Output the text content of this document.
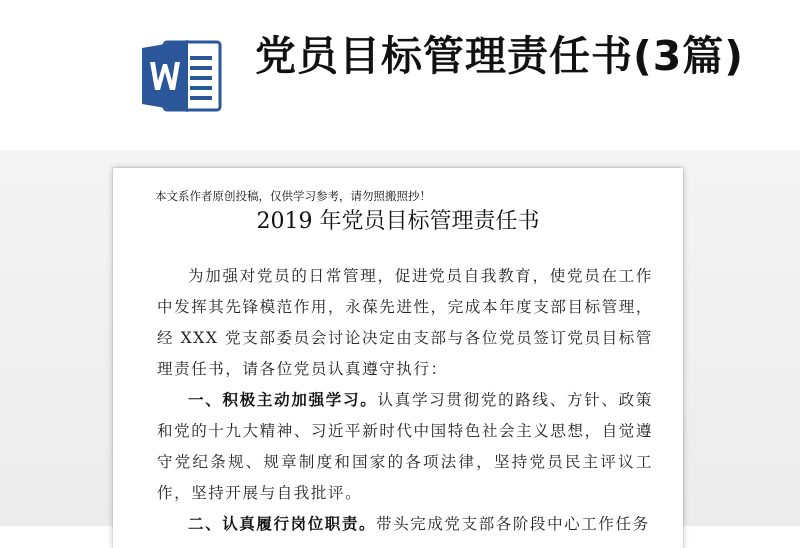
党员目标管理责任书(3篇)
本文系作者原创投稿，仅供学习参考，请勿照搬照抄！
2019 年党员目标管理责任书

为加强对党员的日常管理，促进党员自我教育，使党员在工作中发挥其先锋模范作用，永葆先进性，完成本年度支部目标管理，经 XXX 党支部委员会讨论决定由支部与各位党员签订党员目标管理责任书，请各位党员认真遵守执行：

一、积极主动加强学习。认真学习贯彻党的路线、方针、政策和党的十九大精神、习近平新时代中国特色社会主义思想，自觉遵守党纪条规、规章制度和国家的各项法律，坚持党员民主评议工作，坚持开展与自我批评。

二、认真履行岗位职责。带头完成党支部各阶段中心工作任务
